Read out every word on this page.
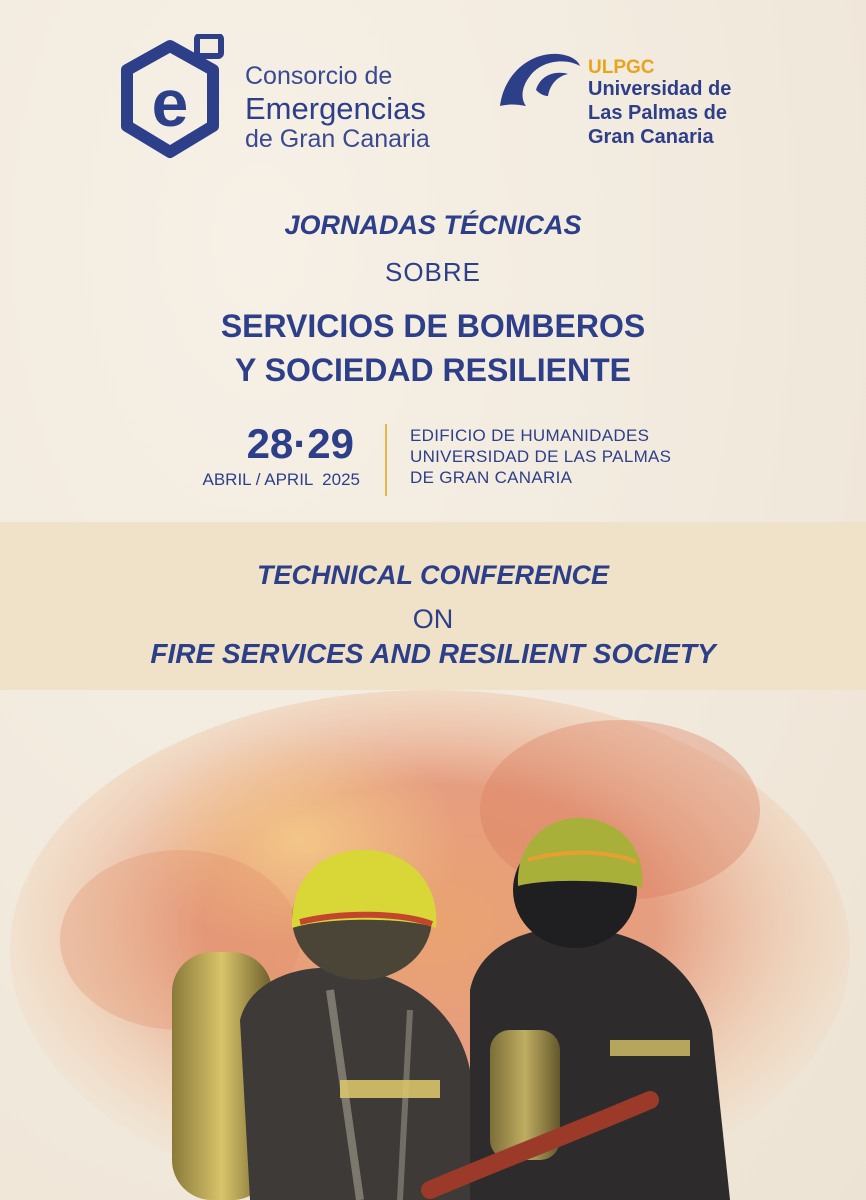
e Consorcio de
Emergencias
de Gran Canaria
ULPGC
Universidad de
Las Palmas de
Gran Canaria
JORNADAS TÉCNICAS
SOBRE
SERVICIOS DE BOMBEROS
Y SOCIEDAD RESILIENTE
28·29
ABRIL / APRIL  2025
EDIFICIO DE HUMANIDADES
UNIVERSIDAD DE LAS PALMAS
DE GRAN CANARIA
TECHNICAL CONFERENCE
ON
FIRE SERVICES AND RESILIENT SOCIETY
